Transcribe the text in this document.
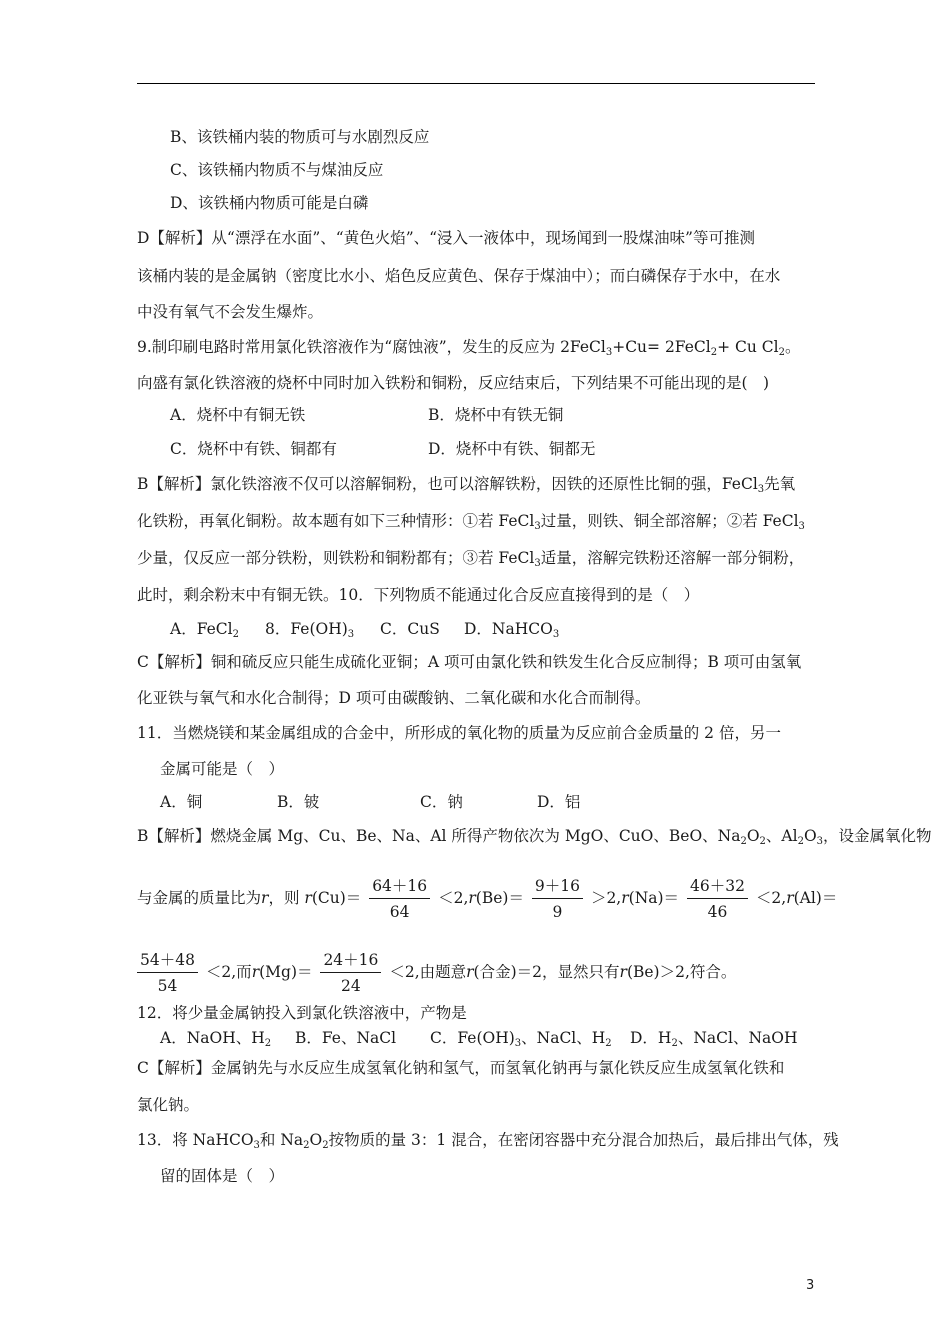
B、该铁桶内装的物质可与水剧烈反应
C、该铁桶内物质不与煤油反应
D、该铁桶内物质可能是白磷
D【解析】从“漂浮在水面”、“黄色火焰”、“浸入一液体中，现场闻到一股煤油味”等可推测
该桶内装的是金属钠（密度比水小、焰色反应黄色、保存于煤油中）；而白磷保存于水中，在水
中没有氧气不会发生爆炸。
9.制印刷电路时常用氯化铁溶液作为“腐蚀液”，发生的反应为 2FeCl$_3$+Cu= 2FeCl$_2$+ Cu $Cl_2$。
向盛有氯化铁溶液的烧杯中同时加入铁粉和铜粉，反应结束后，下列结果不可能出现的是(　)
A．烧杯中有铜无铁	B．烧杯中有铁无铜
C．烧杯中有铁、铜都有	D．烧杯中有铁、铜都无
B【解析】氯化铁溶液不仅可以溶解铜粉，也可以溶解铁粉，因铁的还原性比铜的强，FeCl$_3$先氧
化铁粉，再氧化铜粉。故本题有如下三种情形：①若 FeCl$_3$过量，则铁、铜全部溶解；②若 FeCl$_3$
少量，仅反应一部分铁粉，则铁粉和铜粉都有；③若 FeCl$_3$适量，溶解完铁粉还溶解一部分铜粉，
此时，剩余粉末中有铜无铁。10．下列物质不能通过化合反应直接得到的是（　）
A．FeCl$_2$ 8．$Fe(OH)_3$ C．CuS D．NaHCO$_3$
C【解析】铜和硫反应只能生成硫化亚铜；A 项可由氯化铁和铁发生化合反应制得；B 项可由氢氧
化亚铁与氧气和水化合制得；D 项可由碳酸钠、二氧化碳和水化合而制得。
11．当燃烧镁和某金属组成的合金中，所形成的氧化物的质量为反应前合金质量的 2 倍，另一
金属可能是（　）
A．铜	B．铍	C．钠	D．铝
B【解析】燃烧金属 Mg、Cu、Be、Na、Al 所得产物依次为 MgO、CuO、BeO、$Na_2O_2$、$Al_2O_3$，设金属氧化物
与金属的质量比为r，则 $r(Cu)= \frac{64+16}{64} <2,r(Be)= \frac{9+16}{9} >2,r(Na)= \frac{46+32}{46} <2,r(Al)=$
$\frac{54+48}{54} <2$,而$r(Mg)= \frac{24+16}{24} <2$,由题意r(合金)＝2，显然只有r(Be)＞2,符合。
12．将少量金属钠投入到氯化铁溶液中，产物是
A．NaOH、$H_2$ B．Fe、NaCl C．$Fe(OH)_3$、NaCl、$H_2$ D．$H_2$、NaCl、NaOH
C【解析】金属钠先与水反应生成氢氧化钠和氢气，而氢氧化钠再与氯化铁反应生成氢氧化铁和
氯化钠。
13．将 NaHCO$_3$和 $Na_2O_2$按物质的量 3：1 混合，在密闭容器中充分混合加热后，最后排出气体，残
留的固体是（　）
3
